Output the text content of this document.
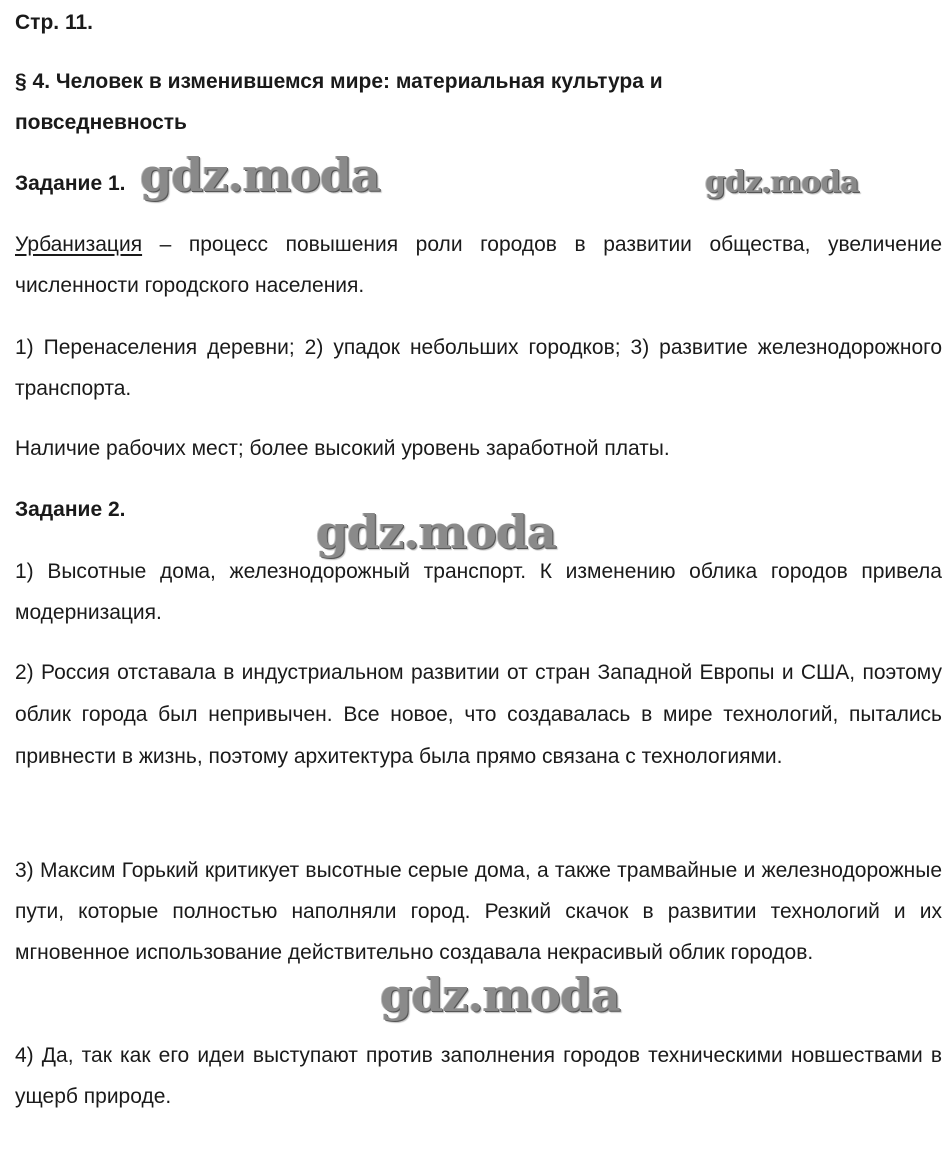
Стр. 11.
§ 4. Человек в изменившемся мире: материальная культура и повседневность
Задание 1.
Урбанизация – процесс повышения роли городов в развитии общества, увеличение численности городского населения.
1) Перенаселения деревни; 2) упадок небольших городков; 3) развитие железнодорожного транспорта.
Наличие рабочих мест; более высокий уровень заработной платы.
Задание 2.
1) Высотные дома, железнодорожный транспорт. К изменению облика городов привела модернизация.
2) Россия отставала в индустриальном развитии от стран Западной Европы и США, поэтому облик города был непривычен. Все новое, что создавалась в мире технологий, пытались привнести в жизнь, поэтому архитектура была прямо связана с технологиями.
3) Максим Горький критикует высотные серые дома, а также трамвайные и железнодорожные пути, которые полностью наполняли город. Резкий скачок в развитии технологий и их мгновенное использование действительно создавала некрасивый облик городов.
4) Да, так как его идеи выступают против заполнения городов техническими новшествами в ущерб природе.
gdz.moda	gdz.moda
gdz.moda
gdz.moda
